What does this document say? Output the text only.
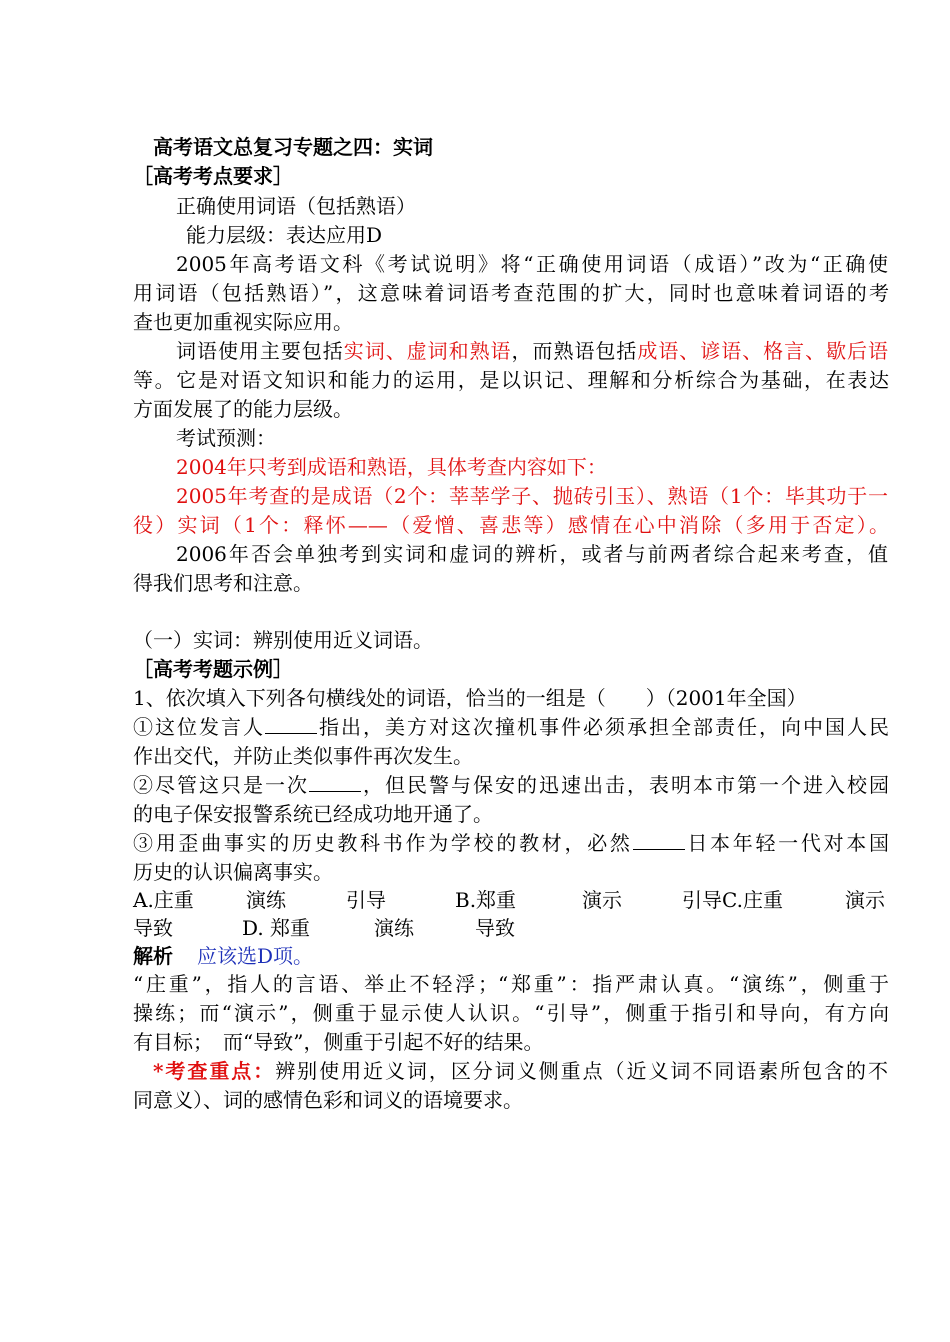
高考语文总复习专题之四：实词
［高考考点要求］
正确使用词语（包括熟语）
能力层级：表达应用D
2005年高考语文科《考试说明》将“正确使用词语（成语）”改为“正确使
用词语（包括熟语）”，这意味着词语考查范围的扩大，同时也意味着词语的考
查也更加重视实际应用。
词语使用主要包括实词、虚词和熟语，而熟语包括成语、谚语、格言、歇后语
等。它是对语文知识和能力的运用，是以识记、理解和分析综合为基础，在表达
方面发展了的能力层级。
考试预测：
2004年只考到成语和熟语，具体考查内容如下：
2005年考查的是成语（2个：莘莘学子、抛砖引玉）、熟语（1个：毕其功于一
役）实词（1个：释怀——（爱憎、喜悲等）感情在心中消除（多用于否定）。
2006年否会单独考到实词和虚词的辨析，或者与前两者综合起来考查，值
得我们思考和注意。
（一）实词：辨别使用近义词语。
［高考考题示例］
1、依次填入下列各句横线处的词语，恰当的一组是（　　）（2001年全国）
①这位发言人	指出，美方对这次撞机事件必须承担全部责任，向中国人民
作出交代，并防止类似事件再次发生。
②尽管这只是一次	，但民警与保安的迅速出击，表明本市第一个进入校园
的电子保安报警系统已经成功地开通了。
③用歪曲事实的历史教科书作为学校的教材，必然	日本年轻一代对本国
历史的认识偏离事实。
A.庄重	演练	引导	B.郑重	演示	引导C.庄重	演示
导致	D. 郑重	演练	导致
解析 应该选D项。
“庄重”，指人的言语、举止不轻浮；“郑重”：指严肃认真。“演练”，侧重于
操练；而“演示”，侧重于显示使人认识。“引导”，侧重于指引和导向，有方向
有目标；　而“导致”，侧重于引起不好的结果。
*考查重点：辨别使用近义词，区分词义侧重点（近义词不同语素所包含的不
同意义）、词的感情色彩和词义的语境要求。
